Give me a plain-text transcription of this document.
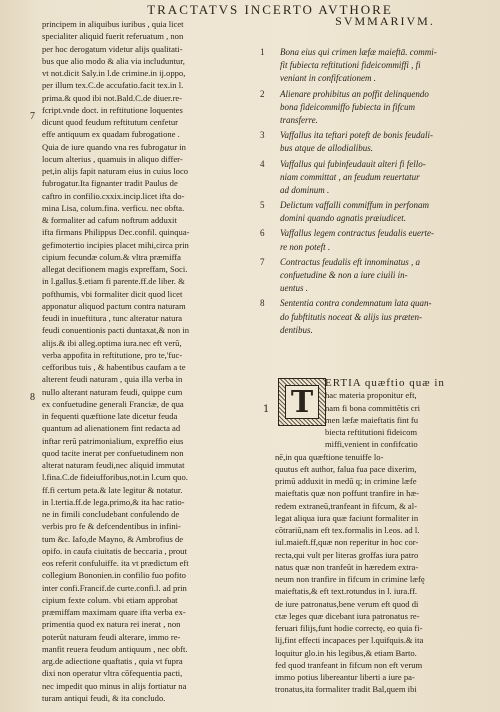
TRACTATVS INCERTO AVTHORE
principem in aliquibus iuribus , quia licet
specialiter aliquid fuerit referuatum , non
per hoc derogatum videtur alijs qualitati-
bus que alio modo & alia via includuntur,
vt not.dicit Saly.in l.de crimine.in ij.oppo,
per illum tex.C.de accufatio.facit tex.in l.
prima.& quod ibi not.Bald.C.de diuer.re-
fcript.vnde doct. in reftitutione loquentes
dicunt quod feudum reftitutum cenfetur
effe antiquum ex quadam fubrogatione .
Quia de iure quando vna res fubrogatur in
locum alterius , quamuis in aliquo differ-
pet,in alijs fapit naturam eius in cuius loco
fubrogatur.Ita fignanter tradit Paulus de
caftro in confilio.cxxix.incip.licet ifta do-
mina Lisa, colum.fina. verficu. nec obfta.
& formaliter ad cafum noftrum adduxit
ifta firmans Philippus Dec.confil. quinqua-
gefimotertio incipies placet mihi,circa prin
cipium fecundæ colum.& vltra præmiffa
allegat decifionem magis expreffam, Soci.
in l.gallus.§.etiam fi parente.ff.de liber. &
pofthumis, vbi formaliter dicit quod licet
apponatur aliquod pactum contra naturam
feudi in inueftitura , tunc alteratur natura
feudi conuentionis pacti duntaxat,& non in
alijs.& ibi alleg.optima iura.nec eft verū,
verba appofita in reftitutione, pro te,'fuc-
cefforibus tuis , & habentibus caufam a te
alterent feudi naturam , quia illa verba in
nullo alterant naturam feudi, quippe cum
ex confuetudine generali Franciæ, de qua
in fequenti quæftione late dicetur feuda
quantum ad alienationem fint redacta ad
inftar rerū patrimonialium, expreffio eius
quod tacite inerat per confuetudinem non
alterat naturam feudi,nec aliquid immutat
l.fina.C.de fideiufforibus,not.in l.cum quo.
ff.fi certum peta.& late legitur & notatur.
in l.tertia.ff.de lega.primo,& ita hac ratio-
ne in fimili concludebant confulendo de
verbis pro fe & defcendentibus in infini-
tum &c. Iafo,de Mayno, & Ambrofius de
opifo. in caufa ciuitatis de beccaria , prout
eos referit confuluiffe. ita vt prædictum eft
collegium Bononien.in confilio fuo pofito
inter confi.Francif.de curte.confi.l. ad prin
cipium fexte colum. vbi etiam approbat
præmiffam maximam quare ifta verba ex-
primentia quod ex natura rei inerat , non
poterūt naturam feudi alterare, immo re-
manfit reuera feudum antiquum , nec obft.
arg.de adiectione quaftatis , quia vt fupra
dixi non operatur vltra cōfequentia pacti,
nec impedit quo minus in alijs fortiatur na
turam antiqui feudi, & ita concludo.
7
8
SVMMARIVM.
1 Bona eius qui crimen læfæ maieftā. commi-
fit fubiecta reftitutioni fideicommiffi , fi
veniant in confifcationem .
2 Alienare prohibitus an poffit delinquendo
bona fideicommiffo fubiecta in fifcum
transferre.
3 Vaffallus ita teftari poteft de bonis feudali-
bus atque de allodialibus.
4 Vaffallus qui fubinfeudauit alteri fi fello-
niam committat , an feudum reuertatur
ad dominum .
5 Delictum vaffalli commiffum in perfonam
domini quando agnatis præiudicet.
6 Vaffallus legem contractus feudalis euerte-
re non poteft .
7 Contractus feudalis eft innominatus , a
confuetudine & non a iure ciuili in-
uentus .
8 Sententia contra condemnatum lata quan-
do fubftitutis noceat & alijs ius præten-
dentibus.
T
1
ERTIA quæftio quæ in
hac materia proponitur eft,
nam fi bona committētis cri
men læfæ maieftatis fint fu
biecta reftitutioni fideicom
miffi,venient in confifcatio
nē,in qua quæftione tenuiffe lo-
quutus eft author, falua fua pace dixerim,
primū adduxit in medū q; in crimine læfe
maieftatis quæ non poffunt tranfire in hæ-
redem extraneū,tranfeant in fifcum, & al-
legat aliqua iura quæ faciunt formaliter in
cōtrariū,nam eft tex.formalis in l.eos. ad l.
iul.maieft.ff,quæ non reperitur in hoc cor-
recta,qui vult per literas groffas iura patro
natus quæ non tranfeūt in hæredem extra-
neum non tranfire in fifcum in crimine læfę
maieftatis,& eft text.rotundus in l. iura.ff.
de iure patronatus,bene verum eft quod di
ctæ leges quæ dicebant iura patronatus re-
feruari filijs,funt hodie correctę, eo quia fi-
lij,fint effecti incapaces per l.quifquis.& ita
loquitur glo.in his legibus,& etiam Barto.
fed quod tranfeant in fifcum non eft verum
immo potius libereantur liberti a iure pa-
tronatus,ita formaliter tradit Bal,quem ibi
